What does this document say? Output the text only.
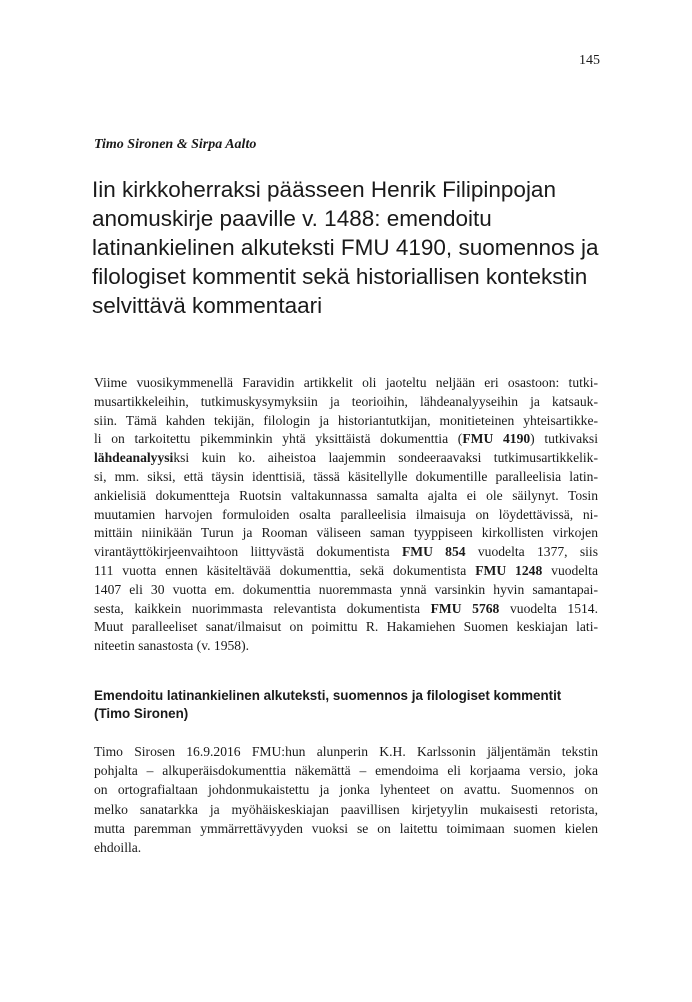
145
Timo Sironen & Sirpa Aalto
Iin kirkkoherraksi päässeen Henrik Filipinpojan
anomuskirje paaville v. 1488: emendoitu
latinankielinen alkuteksti FMU 4190, suomennos ja
filologiset kommentit sekä historiallisen kontekstin
selvittävä kommentaari
Viime vuosikymmenellä Faravidin artikkelit oli jaoteltu neljään eri osastoon: tutki-
musartikkeleihin, tutkimuskysymyksiin ja teorioihin, lähdeanalyyseihin ja katsauk-
siin. Tämä kahden tekijän, filologin ja historiantutkijan, monitieteinen yhteisartikke-
li on tarkoitettu pikemminkin yhtä yksittäistä dokumenttia (FMU 4190) tutkivaksi
lähdeanalyysiksi kuin ko. aiheistoa laajemmin sondeeraavaksi tutkimusartikkelik-
si, mm. siksi, että täysin identtisiä, tässä käsitellylle dokumentille paralleelisia latin-
ankielisiä dokumentteja Ruotsin valtakunnassa samalta ajalta ei ole säilynyt. Tosin
muutamien harvojen formuloiden osalta paralleelisia ilmaisuja on löydettävissä, ni-
mittäin niinikään Turun ja Rooman väliseen saman tyyppiseen kirkollisten virkojen
virantäyttökirjeenvaihtoon liittyvästä dokumentista FMU 854 vuodelta 1377, siis
111 vuotta ennen käsiteltävää dokumenttia, sekä dokumentista FMU 1248 vuodelta
1407 eli 30 vuotta em. dokumenttia nuoremmasta ynnä varsinkin hyvin samantapai-
sesta, kaikkein nuorimmasta relevantista dokumentista FMU 5768 vuodelta 1514.
Muut paralleeliset sanat/ilmaisut on poimittu R. Hakamiehen Suomen keskiajan lati-
niteetin sanastosta (v. 1958).
Emendoitu latinankielinen alkuteksti, suomennos ja filologiset kommentit
(Timo Sironen)
Timo Sirosen 16.9.2016 FMU:hun alunperin K.H. Karlssonin jäljentämän tekstin
pohjalta – alkuperäisdokumenttia näkemättä – emendoima eli korjaama versio, joka
on ortografialtaan johdonmukaistettu ja jonka lyhenteet on avattu. Suomennos on
melko sanatarkka ja myöhäiskeskiajan paavillisen kirjetyylin mukaisesti retorista,
mutta paremman ymmärrettävyyden vuoksi se on laitettu toimimaan suomen kielen
ehdoilla.
